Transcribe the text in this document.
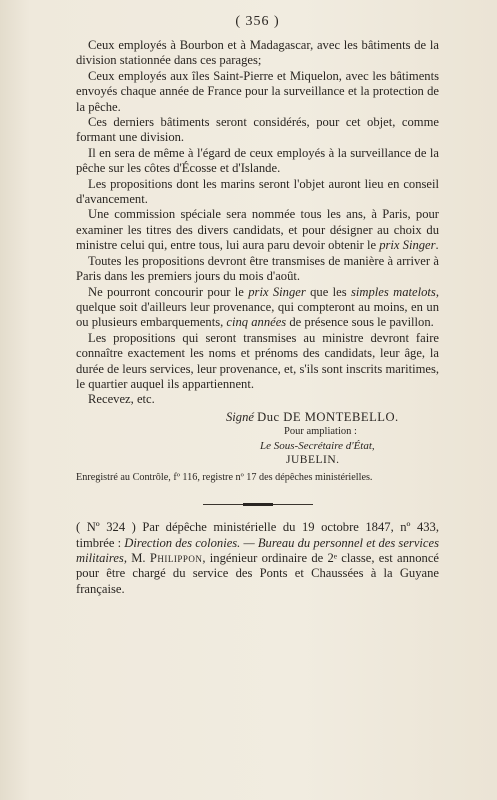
( 356 )

Ceux employés à Bourbon et à Madagascar, avec les bâtiments de la division stationnée dans ces parages;

Ceux employés aux îles Saint-Pierre et Miquelon, avec les bâtiments envoyés chaque année de France pour la surveillance et la protection de la pêche.

Ces derniers bâtiments seront considérés, pour cet objet, comme formant une division.

Il en sera de même à l'égard de ceux employés à la surveillance de la pêche sur les côtes d'Écosse et d'Islande.

Les propositions dont les marins seront l'objet auront lieu en conseil d'avancement.

Une commission spéciale sera nommée tous les ans, à Paris, pour examiner les titres des divers candidats, et pour désigner au choix du ministre celui qui, entre tous, lui aura paru devoir obtenir le prix Singer.

Toutes les propositions devront être transmises de manière à arriver à Paris dans les premiers jours du mois d'août.

Ne pourront concourir pour le prix Singer que les simples matelots, quelque soit d'ailleurs leur provenance, qui compteront au moins, en un ou plusieurs embarquements, cinq années de présence sous le pavillon.

Les propositions qui seront transmises au ministre devront faire connaître exactement les noms et prénoms des candidats, leur âge, la durée de leurs services, leur provenance, et, s'ils sont inscrits maritimes, le quartier auquel ils appartiennent.

Recevez, etc.

Signé Duc DE MONTEBELLO.
Pour ampliation :
Le Sous-Secrétaire d'État,
JUBELIN.

Enregistré au Contrôle, fº 116, registre nº 17 des dépêches ministérielles.

( Nº 324 ) Par dépêche ministérielle du 19 octobre 1847, nº 433, timbrée : Direction des colonies. — Bureau du personnel et des services militaires, M. Philippon, ingénieur ordinaire de 2ᵉ classe, est annoncé pour être chargé du service des Ponts et Chaussées à la Guyane française.
